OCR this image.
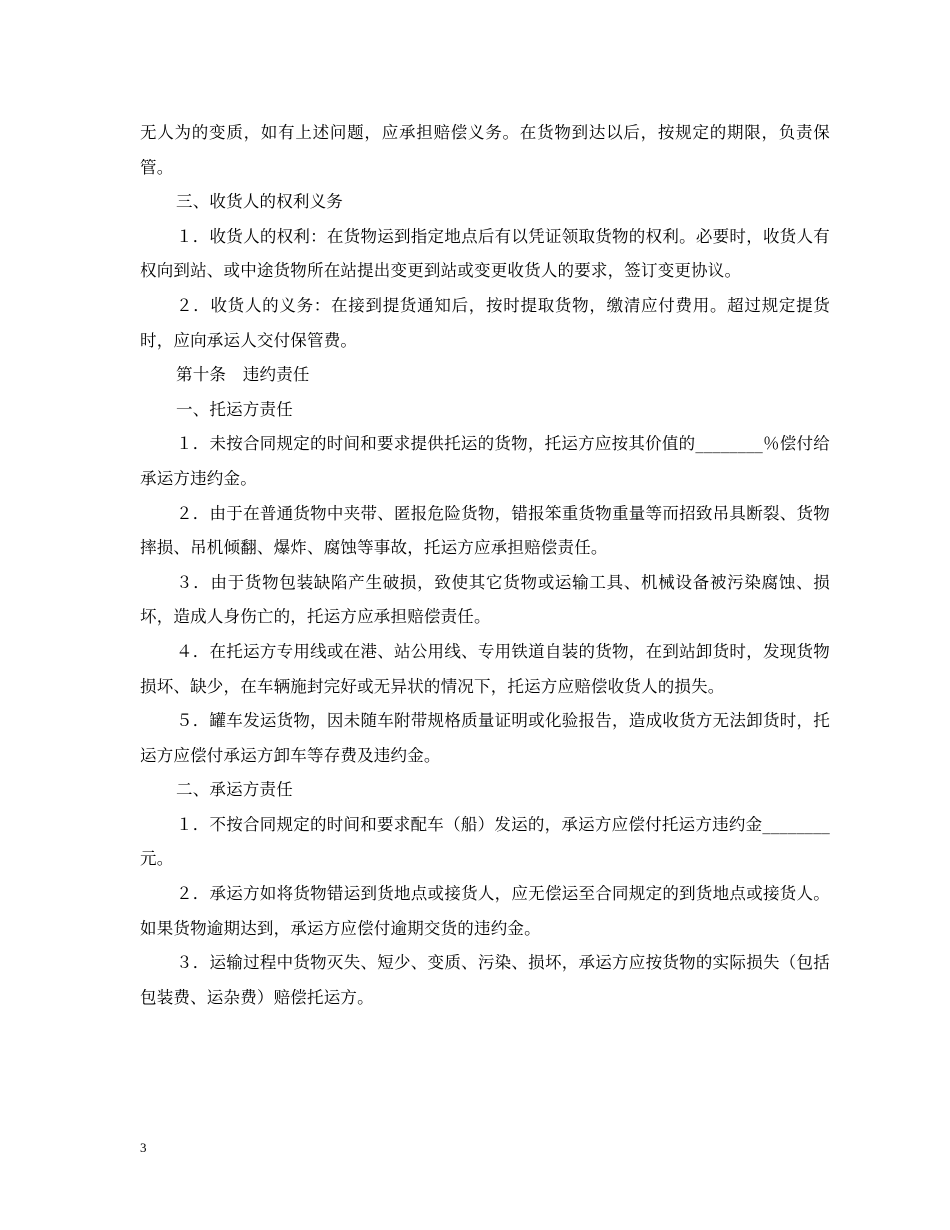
无人为的变质，如有上述问题，应承担赔偿义务。在货物到达以后，按规定的期限，负责保管。

三、收货人的权利义务

１．收货人的权利：在货物运到指定地点后有以凭证领取货物的权利。必要时，收货人有权向到站、或中途货物所在站提出变更到站或变更收货人的要求，签订变更协议。

２．收货人的义务：在接到提货通知后，按时提取货物，缴清应付费用。超过规定提货时，应向承运人交付保管费。

第十条　违约责任

一、托运方责任

１．未按合同规定的时间和要求提供托运的货物，托运方应按其价值的________％偿付给承运方违约金。

２．由于在普通货物中夹带、匿报危险货物，错报笨重货物重量等而招致吊具断裂、货物摔损、吊机倾翻、爆炸、腐蚀等事故，托运方应承担赔偿责任。

３．由于货物包装缺陷产生破损，致使其它货物或运输工具、机械设备被污染腐蚀、损坏，造成人身伤亡的，托运方应承担赔偿责任。

４．在托运方专用线或在港、站公用线、专用铁道自装的货物，在到站卸货时，发现货物损坏、缺少，在车辆施封完好或无异状的情况下，托运方应赔偿收货人的损失。

５．罐车发运货物，因未随车附带规格质量证明或化验报告，造成收货方无法卸货时，托运方应偿付承运方卸车等存费及违约金。

二、承运方责任

１．不按合同规定的时间和要求配车（船）发运的，承运方应偿付托运方违约金________元。

２．承运方如将货物错运到货地点或接货人，应无偿运至合同规定的到货地点或接货人。如果货物逾期达到，承运方应偿付逾期交货的违约金。

３．运输过程中货物灭失、短少、变质、污染、损坏，承运方应按货物的实际损失（包括包装费、运杂费）赔偿托运方。

3
